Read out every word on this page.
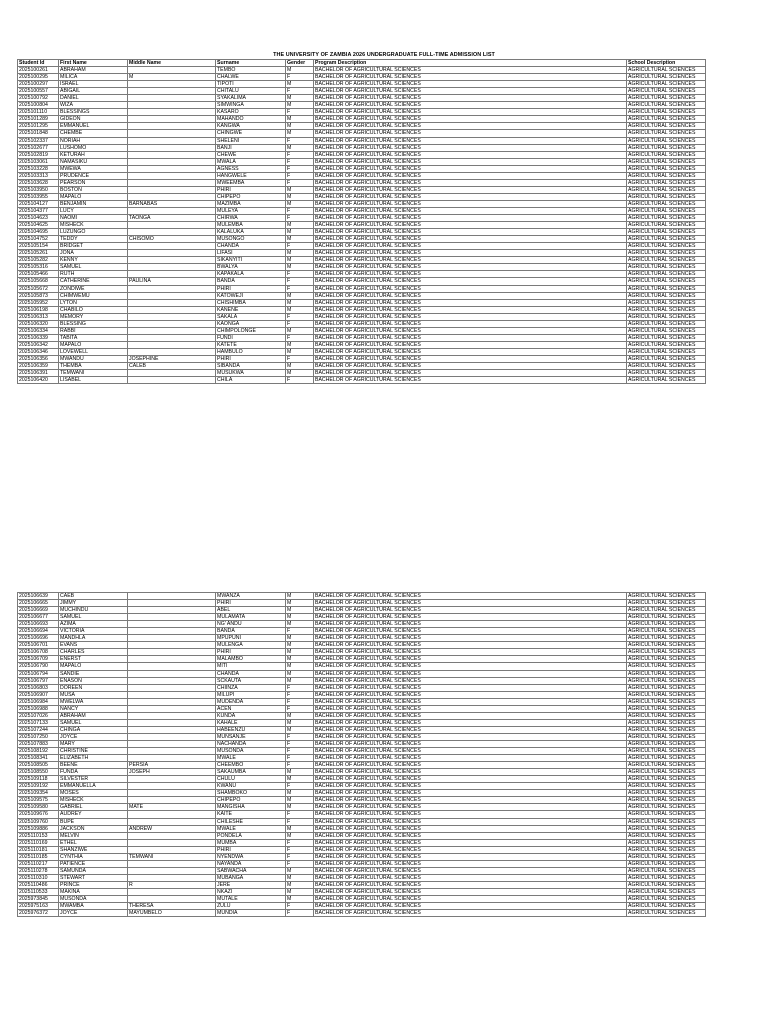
THE UNIVERSITY OF ZAMBIA 2026 UNDERGRADUATE FULL-TIME ADMISSION LIST
Student Id	First Name	Middle Name	Surname	Gender	Program Description	School Description
2025100261	ABRAHAM		TEMBO	M	BACHELOR OF AGRICULTURAL SCIENCES	AGRICULTURAL SCIENCES
2025100295	MILICA	M	CHALWE	F	BACHELOR OF AGRICULTURAL SCIENCES	AGRICULTURAL SCIENCES
2025100297	ISRAEL		TIPOTI	M	BACHELOR OF AGRICULTURAL SCIENCES	AGRICULTURAL SCIENCES
2025100557	ABIGAIL		CHITALU	F	BACHELOR OF AGRICULTURAL SCIENCES	AGRICULTURAL SCIENCES
2025100792	DANIEL		SYAKALIMA	M	BACHELOR OF AGRICULTURAL SCIENCES	AGRICULTURAL SCIENCES
2025100804	WIZA		SIMWINGA	M	BACHELOR OF AGRICULTURAL SCIENCES	AGRICULTURAL SCIENCES
2025101110	BLESSINGS		KASARO	F	BACHELOR OF AGRICULTURAL SCIENCES	AGRICULTURAL SCIENCES
2025101289	GIDEON		MAHANDO	M	BACHELOR OF AGRICULTURAL SCIENCES	AGRICULTURAL SCIENCES
2025101295	EMMANUEL		KANGWA	M	BACHELOR OF AGRICULTURAL SCIENCES	AGRICULTURAL SCIENCES
2025101848	CHEMBE		CHINGWE	M	BACHELOR OF AGRICULTURAL SCIENCES	AGRICULTURAL SCIENCES
2025102337	NORIAH		SHELENI	F	BACHELOR OF AGRICULTURAL SCIENCES	AGRICULTURAL SCIENCES
2025102677	LUSHOMO		BANJI	M	BACHELOR OF AGRICULTURAL SCIENCES	AGRICULTURAL SCIENCES
2025102819	KETURAH		CHEWE	F	BACHELOR OF AGRICULTURAL SCIENCES	AGRICULTURAL SCIENCES
2025103061	NAMASIKU		MWALA	F	BACHELOR OF AGRICULTURAL SCIENCES	AGRICULTURAL SCIENCES
2025103228	MWEWA		AGNESS	F	BACHELOR OF AGRICULTURAL SCIENCES	AGRICULTURAL SCIENCES
2025103313	PRUDENCE		HANGWELE	F	BACHELOR OF AGRICULTURAL SCIENCES	AGRICULTURAL SCIENCES
2025103628	PEARSON		MWEEMBA	F	BACHELOR OF AGRICULTURAL SCIENCES	AGRICULTURAL SCIENCES
2025103950	BOSTON		PHIRI	M	BACHELOR OF AGRICULTURAL SCIENCES	AGRICULTURAL SCIENCES
2025103955	MAPALO		CHIPEPO	M	BACHELOR OF AGRICULTURAL SCIENCES	AGRICULTURAL SCIENCES
2025104127	BENJAMIN	BARNABAS	MAZIMBA	M	BACHELOR OF AGRICULTURAL SCIENCES	AGRICULTURAL SCIENCES
2025104377	LUCY		MULEYA	F	BACHELOR OF AGRICULTURAL SCIENCES	AGRICULTURAL SCIENCES
2025104623	NAOMI	TAONGA	CHIRWA	F	BACHELOR OF AGRICULTURAL SCIENCES	AGRICULTURAL SCIENCES
2025104625	MISHECK		MULEMBA	M	BACHELOR OF AGRICULTURAL SCIENCES	AGRICULTURAL SCIENCES
2025104695	LUZUNGO		KALALUKA	M	BACHELOR OF AGRICULTURAL SCIENCES	AGRICULTURAL SCIENCES
2025104752	TEDDY	CHISOMO	MUSONGO	M	BACHELOR OF AGRICULTURAL SCIENCES	AGRICULTURAL SCIENCES
2025105154	BRIDGET		CHANDA	F	BACHELOR OF AGRICULTURAL SCIENCES	AGRICULTURAL SCIENCES
2025105261	JONA		LIFASI	M	BACHELOR OF AGRICULTURAL SCIENCES	AGRICULTURAL SCIENCES
2025105282	KENNY		SIKANYITI	M	BACHELOR OF AGRICULTURAL SCIENCES	AGRICULTURAL SCIENCES
2025105316	SAMUEL		BWALYA	M	BACHELOR OF AGRICULTURAL SCIENCES	AGRICULTURAL SCIENCES
2025105466	RUTH		KAPAKALA	F	BACHELOR OF AGRICULTURAL SCIENCES	AGRICULTURAL SCIENCES
2025105668	CATHERINE	PAULINA	BANDA	F	BACHELOR OF AGRICULTURAL SCIENCES	AGRICULTURAL SCIENCES
2025105672	ZONDIWE		PHIRI	F	BACHELOR OF AGRICULTURAL SCIENCES	AGRICULTURAL SCIENCES
2025105873	CHIMWEMU		KATOWEJI	M	BACHELOR OF AGRICULTURAL SCIENCES	AGRICULTURAL SCIENCES
2025105952	LYTON		CHISHIMBA	M	BACHELOR OF AGRICULTURAL SCIENCES	AGRICULTURAL SCIENCES
2025106198	CHABILO		KANENE	M	BACHELOR OF AGRICULTURAL SCIENCES	AGRICULTURAL SCIENCES
2025106313	MEMORY		SAKALA	F	BACHELOR OF AGRICULTURAL SCIENCES	AGRICULTURAL SCIENCES
2025106320	BLESSING		KAONGA	F	BACHELOR OF AGRICULTURAL SCIENCES	AGRICULTURAL SCIENCES
2025106334	RABBI		CHIMPOLONGE	M	BACHELOR OF AGRICULTURAL SCIENCES	AGRICULTURAL SCIENCES
2025106339	TABITA		FUNDI	F	BACHELOR OF AGRICULTURAL SCIENCES	AGRICULTURAL SCIENCES
2025106342	MAPALO		KATETE	M	BACHELOR OF AGRICULTURAL SCIENCES	AGRICULTURAL SCIENCES
2025106346	LOVEWELL		HAMBULO	M	BACHELOR OF AGRICULTURAL SCIENCES	AGRICULTURAL SCIENCES
2025106356	MWANDU	JOSEPHINE	PHIRI	F	BACHELOR OF AGRICULTURAL SCIENCES	AGRICULTURAL SCIENCES
2025106359	THEMBA	CALEB	SIBANDA	M	BACHELOR OF AGRICULTURAL SCIENCES	AGRICULTURAL SCIENCES
2025106391	TEMWANI		MUSUKWA	M	BACHELOR OF AGRICULTURAL SCIENCES	AGRICULTURAL SCIENCES
2025106420	LISABEL		CHILA	F	BACHELOR OF AGRICULTURAL SCIENCES	AGRICULTURAL SCIENCES
2025106639	CAEB		MWANZA	M	BACHELOR OF AGRICULTURAL SCIENCES	AGRICULTURAL SCIENCES
2025106665	JIMMY		PHIRI	M	BACHELOR OF AGRICULTURAL SCIENCES	AGRICULTURAL SCIENCES
2025106669	MUCHINDU		ABEL	M	BACHELOR OF AGRICULTURAL SCIENCES	AGRICULTURAL SCIENCES
2025106677	SAMUEL		MULAMATA	M	BACHELOR OF AGRICULTURAL SCIENCES	AGRICULTURAL SCIENCES
2025106693	AZIMA		NG' ANDU	M	BACHELOR OF AGRICULTURAL SCIENCES	AGRICULTURAL SCIENCES
2025106694	VICTORIA		BANDA	F	BACHELOR OF AGRICULTURAL SCIENCES	AGRICULTURAL SCIENCES
2025106696	MANDHLA		MPUPUNI	M	BACHELOR OF AGRICULTURAL SCIENCES	AGRICULTURAL SCIENCES
2025106701	EVANS		MULENGA	M	BACHELOR OF AGRICULTURAL SCIENCES	AGRICULTURAL SCIENCES
2025106708	CHARLES		PHIRI	M	BACHELOR OF AGRICULTURAL SCIENCES	AGRICULTURAL SCIENCES
2025106709	ENERST		MALAMBO	M	BACHELOR OF AGRICULTURAL SCIENCES	AGRICULTURAL SCIENCES
2025106790	MAPALO		MITI	M	BACHELOR OF AGRICULTURAL SCIENCES	AGRICULTURAL SCIENCES
2025106794	SANDIE		CHANDA	M	BACHELOR OF AGRICULTURAL SCIENCES	AGRICULTURAL SCIENCES
2025106797	ENASON		SCKAUTA	M	BACHELOR OF AGRICULTURAL SCIENCES	AGRICULTURAL SCIENCES
2025106803	DOREEN		CHIINZA	F	BACHELOR OF AGRICULTURAL SCIENCES	AGRICULTURAL SCIENCES
2025106907	MUSA		MILUPI	F	BACHELOR OF AGRICULTURAL SCIENCES	AGRICULTURAL SCIENCES
2025106984	MWELWA		MUDENDA	F	BACHELOR OF AGRICULTURAL SCIENCES	AGRICULTURAL SCIENCES
2025106988	NANCY		ACEN	F	BACHELOR OF AGRICULTURAL SCIENCES	AGRICULTURAL SCIENCES
2025107026	ABRAHAM		KUNDA	M	BACHELOR OF AGRICULTURAL SCIENCES	AGRICULTURAL SCIENCES
2025107133	SAMUEL		KAHALE	M	BACHELOR OF AGRICULTURAL SCIENCES	AGRICULTURAL SCIENCES
2025107244	CHINGA		HABEENZU	M	BACHELOR OF AGRICULTURAL SCIENCES	AGRICULTURAL SCIENCES
2025107250	JOYCE		MUNSANJE	F	BACHELOR OF AGRICULTURAL SCIENCES	AGRICULTURAL SCIENCES
2025107883	MARY		NACHANDA	F	BACHELOR OF AGRICULTURAL SCIENCES	AGRICULTURAL SCIENCES
2025108192	CHRISTINE		MUSONDA	F	BACHELOR OF AGRICULTURAL SCIENCES	AGRICULTURAL SCIENCES
2025108341	ELIZABETH		MWALE	F	BACHELOR OF AGRICULTURAL SCIENCES	AGRICULTURAL SCIENCES
2025108505	BEENE	PERSIA	CHEEMBO	F	BACHELOR OF AGRICULTURAL SCIENCES	AGRICULTURAL SCIENCES
2025108550	FUNDA	JOSEPH	SAKAUMBA	M	BACHELOR OF AGRICULTURAL SCIENCES	AGRICULTURAL SCIENCES
2025109118	SILVESTER		CHULU	M	BACHELOR OF AGRICULTURAL SCIENCES	AGRICULTURAL SCIENCES
2025109192	EMMANUELLA		KWANU	F	BACHELOR OF AGRICULTURAL SCIENCES	AGRICULTURAL SCIENCES
2025109354	MOSES		SHAMBOKO	M	BACHELOR OF AGRICULTURAL SCIENCES	AGRICULTURAL SCIENCES
2025109575	MISHECK		CHIPEPO	M	BACHELOR OF AGRICULTURAL SCIENCES	AGRICULTURAL SCIENCES
2025109580	GABRIEL	MATE	MANGISHA	M	BACHELOR OF AGRICULTURAL SCIENCES	AGRICULTURAL SCIENCES
2025109676	AUDREY		KAITE	F	BACHELOR OF AGRICULTURAL SCIENCES	AGRICULTURAL SCIENCES
2025109760	BUPE		CHILESHE	F	BACHELOR OF AGRICULTURAL SCIENCES	AGRICULTURAL SCIENCES
2025109886	JACKSON	ANDREW	MWALE	M	BACHELOR OF AGRICULTURAL SCIENCES	AGRICULTURAL SCIENCES
2025110153	MELVIN		PONDELA	M	BACHELOR OF AGRICULTURAL SCIENCES	AGRICULTURAL SCIENCES
2025110169	ETHEL		MUMBA	F	BACHELOR OF AGRICULTURAL SCIENCES	AGRICULTURAL SCIENCES
2025110181	SHANZIWE		PHIRI	F	BACHELOR OF AGRICULTURAL SCIENCES	AGRICULTURAL SCIENCES
2025110185	CYNTHIA	TEMWANI	NYENDWA	F	BACHELOR OF AGRICULTURAL SCIENCES	AGRICULTURAL SCIENCES
2025110217	PATIENCE		NAYANDA	F	BACHELOR OF AGRICULTURAL SCIENCES	AGRICULTURAL SCIENCES
2025110278	SAMUNDA		SABWACHA	M	BACHELOR OF AGRICULTURAL SCIENCES	AGRICULTURAL SCIENCES
2025110310	STEWART		MUBANGA	M	BACHELOR OF AGRICULTURAL SCIENCES	AGRICULTURAL SCIENCES
2025110486	PRINCE	R	JERE	M	BACHELOR OF AGRICULTURAL SCIENCES	AGRICULTURAL SCIENCES
2025110533	MAKINA		NKAZI	M	BACHELOR OF AGRICULTURAL SCIENCES	AGRICULTURAL SCIENCES
2025973845	MUSONDA		MUTALE	M	BACHELOR OF AGRICULTURAL SCIENCES	AGRICULTURAL SCIENCES
2025975163	MWAMBA	THERESA	ZULU	F	BACHELOR OF AGRICULTURAL SCIENCES	AGRICULTURAL SCIENCES
2025976372	JOYCE	MAYUMBELO	MUNDIA	F	BACHELOR OF AGRICULTURAL SCIENCES	AGRICULTURAL SCIENCES
